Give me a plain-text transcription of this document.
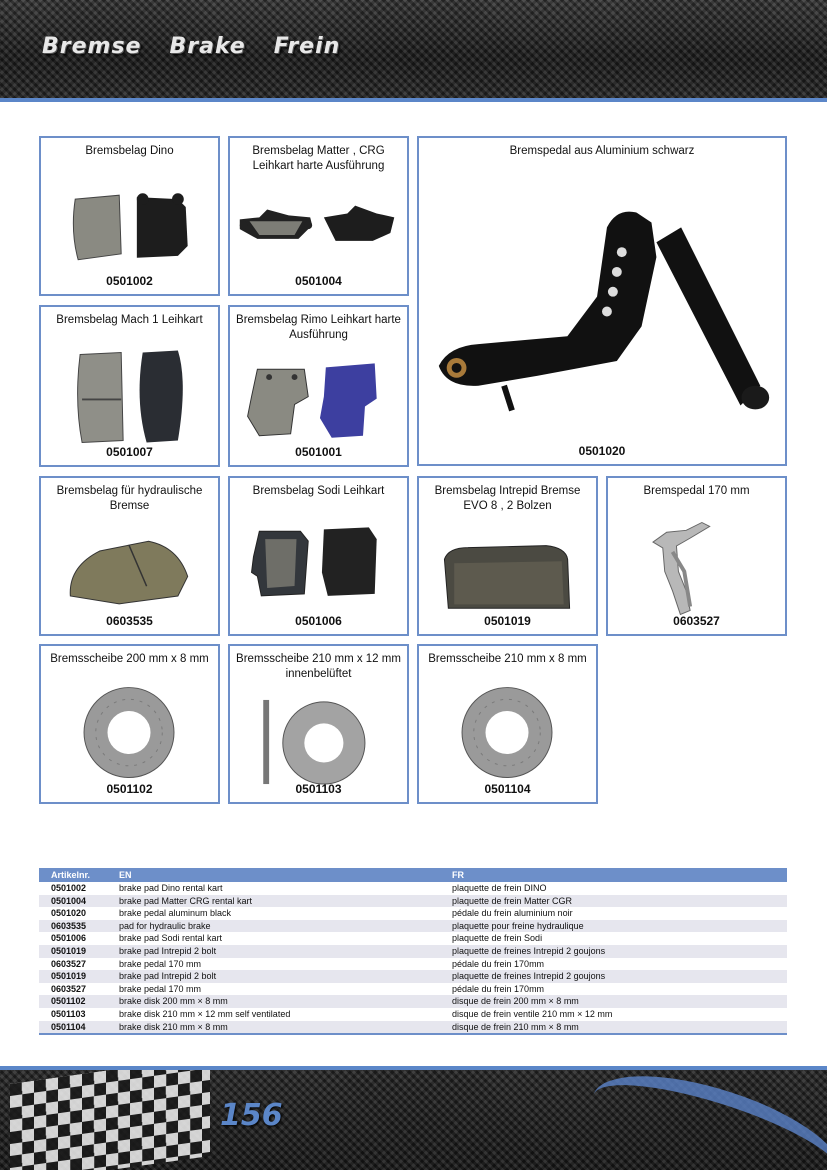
Bremse Brake Frein
Bremsbelag Dino
0501002
Bremsbelag Matter , CRG Leihkart harte Ausführung
0501004
Bremspedal aus Aluminium schwarz
0501020
Bremsbelag Mach 1 Leihkart
0501007
Bremsbelag Rimo Leihkart harte Ausführung
0501001
Bremsbelag für hydraulische Bremse
0603535
Bremsbelag Sodi Leihkart
0501006
Bremsbelag Intrepid Bremse EVO 8 , 2 Bolzen
0501019
Bremspedal 170 mm
0603527
Bremsscheibe 200 mm x 8 mm
0501102
Bremsscheibe 210 mm x 12 mm innenbelüftet
0501103
Bremsscheibe 210 mm x 8 mm
0501104
Artikelnr.	EN	FR
0501002	brake pad Dino rental kart	plaquette de frein DINO
0501004	brake pad Matter CRG rental kart	plaquette de frein Matter CGR
0501020	brake pedal aluminum black	pédale du frein aluminium noir
0603535	pad for hydraulic brake	plaquette pour freine hydraulique
0501006	brake pad Sodi rental kart	plaquette de frein Sodi
0501019	brake pad Intrepid 2 bolt	plaquette de freines Intrepid 2 goujons
0603527	brake pedal 170 mm	pédale du frein 170mm
0501019	brake pad Intrepid 2 bolt	plaquette de freines Intrepid 2 goujons
0603527	brake pedal 170 mm	pédale du frein 170mm
0501102	brake disk 200 mm × 8 mm	disque de frein 200 mm × 8 mm
0501103	brake disk 210 mm × 12 mm self ventilated	disque de frein ventile 210 mm × 12 mm
0501104	brake disk 210 mm × 8 mm	disque de frein 210 mm × 8 mm
156
